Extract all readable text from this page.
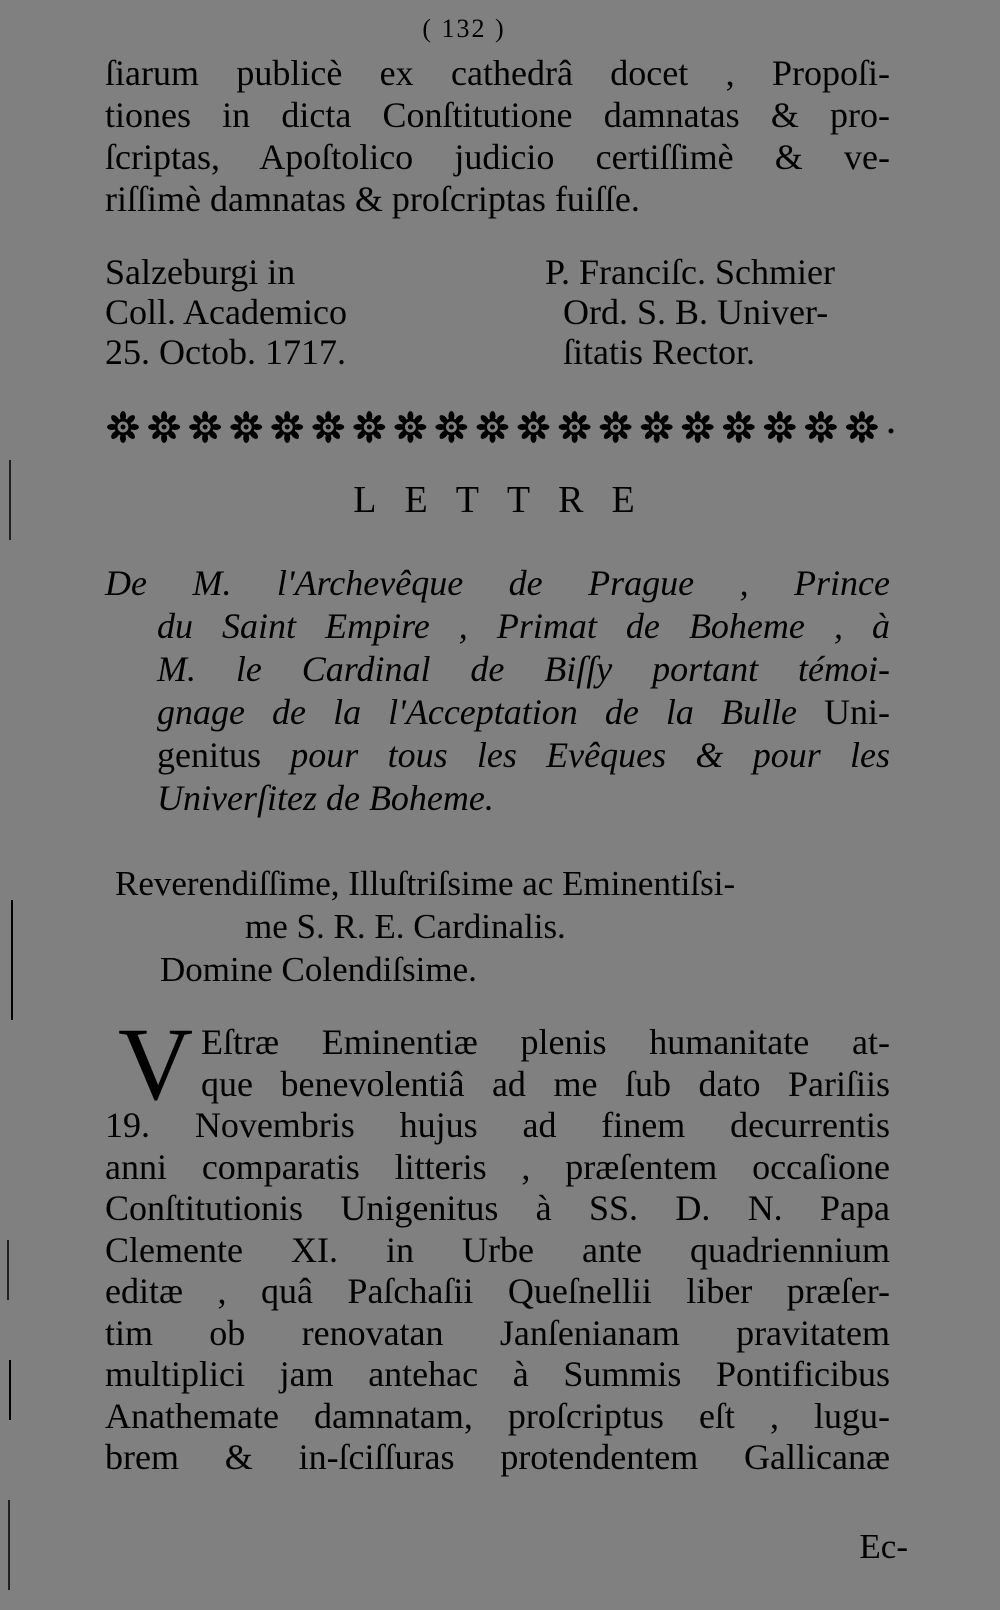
( 132 )
ſiarum publicè ex cathedrâ docet , Propoſi-
tiones in dicta Conſtitutione damnatas & pro-
ſcriptas, Apoſtolico judicio certiſſimè & ve-
riſſimè damnatas & proſcriptas fuiſſe.
Salzeburgi in
Coll. Academico
25. Octob. 1717.
P. Franciſc. Schmier
Ord. S. B. Univer-
ſitatis Rector.
LETTRE
De M. l'Archevêque de Prague , Prince
du Saint Empire , Primat de Boheme , à
M. le Cardinal de Biſſy portant témoi-
gnage de la l'Acceptation de la Bulle Uni-
genitus pour tous les Evêques & pour les
Univerſitez de Boheme.
Reverendiſſime, Illuſtriſsime ac Eminentiſsi-
me S. R. E. Cardinalis.
Domine Colendiſsime.
V Eſtræ Eminentiæ plenis humanitate at-
que benevolentiâ ad me ſub dato Pariſiis
19. Novembris hujus ad finem decurrentis
anni comparatis litteris , præſentem occaſione
Conſtitutionis Unigenitus à SS. D. N. Papa
Clemente XI. in Urbe ante quadriennium
editæ , quâ Paſchaſii Queſnellii liber præſer-
tim ob renovatan Janſenianam pravitatem
multiplici jam antehac à Summis Pontificibus
Anathemate damnatam, proſcriptus eſt , lugu-
brem & in-ſciſſuras protendentem Gallicanæ
Ec-
